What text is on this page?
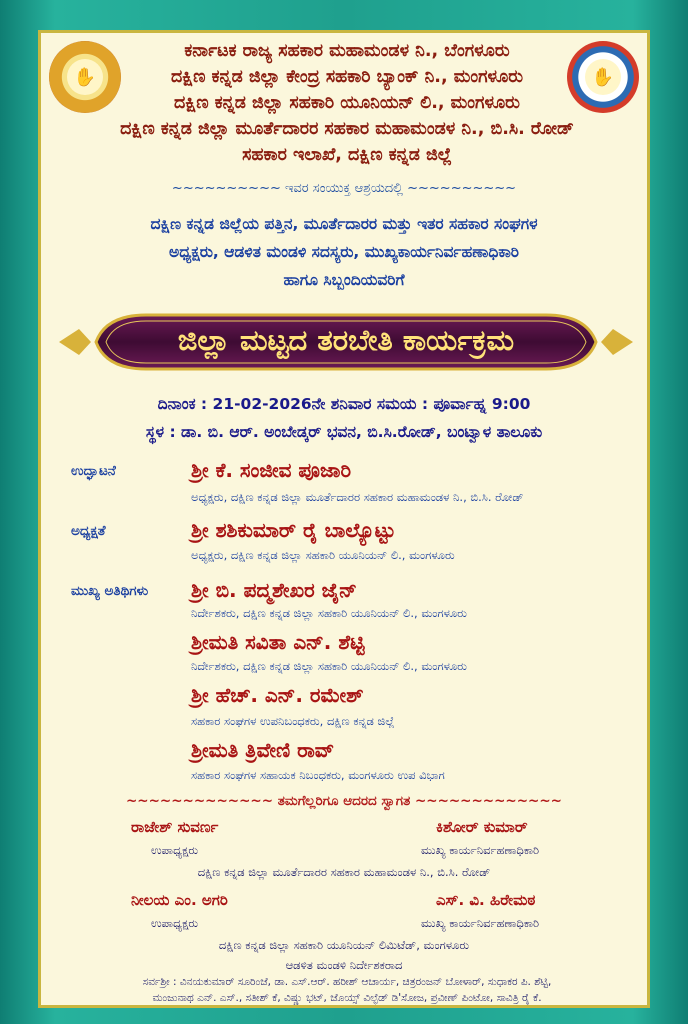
✋	✋
ಕರ್ನಾಟಕ ರಾಜ್ಯ ಸಹಕಾರ ಮಹಾಮಂಡಳ ನಿ., ಬೆಂಗಳೂರು
ದಕ್ಷಿಣ ಕನ್ನಡ ಜಿಲ್ಲಾ ಕೇಂದ್ರ ಸಹಕಾರಿ ಬ್ಯಾಂಕ್ ನಿ., ಮಂಗಳೂರು
ದಕ್ಷಿಣ ಕನ್ನಡ ಜಿಲ್ಲಾ ಸಹಕಾರಿ ಯೂನಿಯನ್ ಲಿ., ಮಂಗಳೂರು
ದಕ್ಷಿಣ ಕನ್ನಡ ಜಿಲ್ಲಾ ಮೂರ್ತೆದಾರರ ಸಹಕಾರ ಮಹಾಮಂಡಳ ನಿ., ಬಿ.ಸಿ. ರೋಡ್
ಸಹಕಾರ ಇಲಾಖೆ, ದಕ್ಷಿಣ ಕನ್ನಡ ಜಿಲ್ಲೆ
~~~~~~~~~~ ಇವರ ಸಂಯುಕ್ತ ಆಶ್ರಯದಲ್ಲಿ ~~~~~~~~~~
ದಕ್ಷಿಣ ಕನ್ನಡ ಜಿಲ್ಲೆಯ ಪತ್ತಿನ, ಮೂರ್ತೆದಾರರ ಮತ್ತು ಇತರ ಸಹಕಾರ ಸಂಘಗಳ
ಅಧ್ಯಕ್ಷರು, ಆಡಳಿತ ಮಂಡಳಿ ಸದಸ್ಯರು, ಮುಖ್ಯಕಾರ್ಯನಿರ್ವಹಣಾಧಿಕಾರಿ
ಹಾಗೂ ಸಿಬ್ಬಂದಿಯವರಿಗೆ
ಜಿಲ್ಲಾ ಮಟ್ಟದ ತರಬೇತಿ ಕಾರ್ಯಕ್ರಮ
ದಿನಾಂಕ : 21-02-2026ನೇ ಶನಿವಾರ ಸಮಯ : ಪೂರ್ವಾಹ್ನ 9:00
ಸ್ಥಳ : ಡಾ. ಬಿ. ಆರ್. ಅಂಬೇಡ್ಕರ್ ಭವನ, ಬಿ.ಸಿ.ರೋಡ್, ಬಂಟ್ವಾಳ ತಾಲೂಕು
ಉದ್ಘಾಟನೆ	ಶ್ರೀ ಕೆ. ಸಂಜೀವ ಪೂಜಾರಿ
ಅಧ್ಯಕ್ಷರು, ದಕ್ಷಿಣ ಕನ್ನಡ ಜಿಲ್ಲಾ ಮೂರ್ತೆದಾರರ ಸಹಕಾರ ಮಹಾಮಂಡಳ ನಿ., ಬಿ.ಸಿ. ರೋಡ್
ಅಧ್ಯಕ್ಷತೆ	ಶ್ರೀ ಶಶಿಕುಮಾರ್ ರೈ ಬಾಲ್ಯೊಟ್ಟು
ಅಧ್ಯಕ್ಷರು, ದಕ್ಷಿಣ ಕನ್ನಡ ಜಿಲ್ಲಾ ಸಹಕಾರಿ ಯೂನಿಯನ್ ಲಿ., ಮಂಗಳೂರು
ಮುಖ್ಯ ಅತಿಥಿಗಳು ಶ್ರೀ ಬಿ. ಪದ್ಮಶೇಖರ ಜೈನ್
ನಿರ್ದೇಶಕರು, ದಕ್ಷಿಣ ಕನ್ನಡ ಜಿಲ್ಲಾ ಸಹಕಾರಿ ಯೂನಿಯನ್ ಲಿ., ಮಂಗಳೂರು
ಶ್ರೀಮತಿ ಸವಿತಾ ಎನ್. ಶೆಟ್ಟಿ
ನಿರ್ದೇಶಕರು, ದಕ್ಷಿಣ ಕನ್ನಡ ಜಿಲ್ಲಾ ಸಹಕಾರಿ ಯೂನಿಯನ್ ಲಿ., ಮಂಗಳೂರು
ಶ್ರೀ ಹೆಚ್. ಎನ್. ರಮೇಶ್
ಸಹಕಾರ ಸಂಘಗಳ ಉಪನಿಬಂಧಕರು, ದಕ್ಷಿಣ ಕನ್ನಡ ಜಿಲ್ಲೆ
ಶ್ರೀಮತಿ ತ್ರಿವೇಣಿ ರಾವ್
ಸಹಕಾರ ಸಂಘಗಳ ಸಹಾಯಕ ನಿಬಂಧಕರು, ಮಂಗಳೂರು ಉಪ ವಿಭಾಗ
~~~~~~~~~~~~~ ತಮಗೆಲ್ಲರಿಗೂ ಆದರದ ಸ್ವಾಗತ ~~~~~~~~~~~~~
ರಾಜೇಶ್ ಸುವರ್ಣ
ಉಪಾಧ್ಯಕ್ಷರು
ಕಿಶೋರ್ ಕುಮಾರ್
ಮುಖ್ಯ ಕಾರ್ಯನಿರ್ವಹಣಾಧಿಕಾರಿ
ದಕ್ಷಿಣ ಕನ್ನಡ ಜಿಲ್ಲಾ ಮೂರ್ತೆದಾರರ ಸಹಕಾರ ಮಹಾಮಂಡಳ ನಿ., ಬಿ.ಸಿ. ರೋಡ್
ನೀಲಯ ಎಂ. ಅಗರಿ
ಉಪಾಧ್ಯಕ್ಷರು
ಎಸ್. ವಿ. ಹಿರೇಮಠ
ಮುಖ್ಯ ಕಾರ್ಯನಿರ್ವಹಣಾಧಿಕಾರಿ
ದಕ್ಷಿಣ ಕನ್ನಡ ಜಿಲ್ಲಾ ಸಹಕಾರಿ ಯೂನಿಯನ್ ಲಿಮಿಟೆಡ್, ಮಂಗಳೂರು
ಆಡಳಿತ ಮಂಡಳಿ ನಿರ್ದೇಶಕರಾದ
ಸರ್ವಶ್ರೀ : ವಿನಯಕುಮಾರ್ ಸೂರಿಂಜೆ, ಡಾ. ಎಸ್.ಆರ್. ಹರೀಶ್ ಆಚಾರ್ಯ, ಚಿತ್ರರಂಜನ್ ಬೋಳಾರ್, ಸುಧಾಕರ ಪಿ. ಶೆಟ್ಟಿ,
ಮಂಜುನಾಥ ಎನ್. ಎಸ್., ಸತೀಶ್ ಕೆ, ವಿಷ್ಣು ಭಟ್, ಜೊಯ್ಸ್ ವಿಲ್ಫೆಡ್ ಡಿ'ಸೋಜ, ಪ್ರವೀಣ್ ಪಿಂಟೋ, ಸಾವಿತ್ರಿ ರೈ ಕೆ.
